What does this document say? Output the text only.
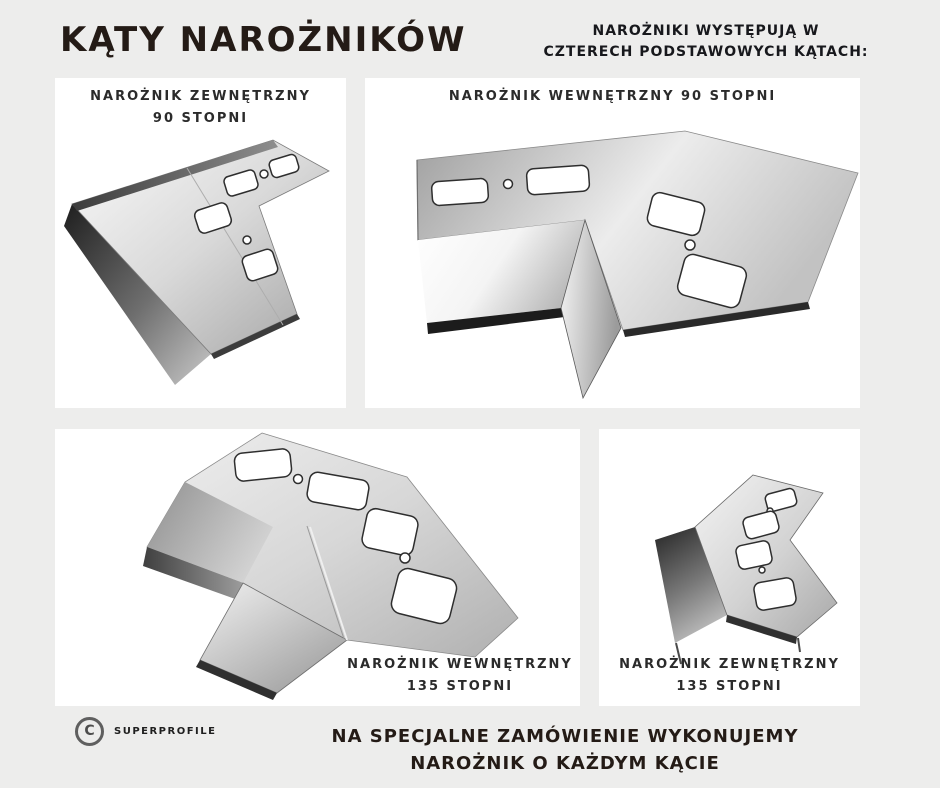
KĄTY NAROŻNIKÓW	NAROŻNIKI WYSTĘPUJĄ W
CZTERECH PODSTAWOWYCH KĄTACH:
NAROŻNIK ZEWNĘTRZNY
90 STOPNI
NAROŻNIK WEWNĘTRZNY 90 STOPNI
NAROŻNIK WEWNĘTRZNY
135 STOPNI
NAROŻNIK ZEWNĘTRZNY
135 STOPNI
C	SUPERPROFILE	NA SPECJALNE ZAMÓWIENIE WYKONUJEMY
NAROŻNIK O KAŻDYM KĄCIE
